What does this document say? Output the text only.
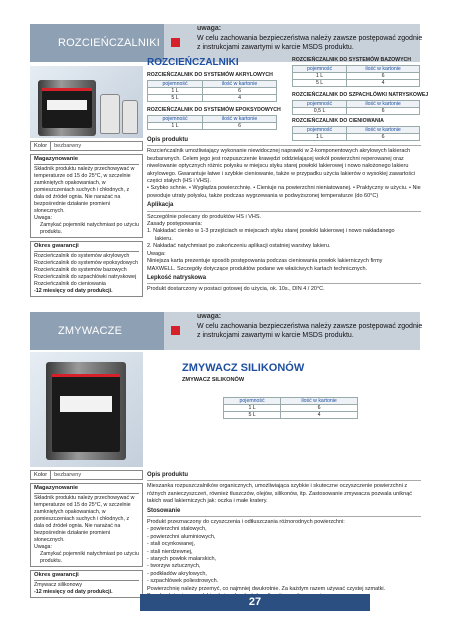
ROZCIEŃCZALNIKI
uwaga:
W celu zachowania bezpieczeństwa należy zawsze postępować zgodnie
z instrukcjami zawartymi w karcie MSDS produktu.
ROZCIEŃCZALNIKI
ROZCIEŃCZALNIK DO SYSTEMÓW AKRYLOWYCH
pojemność	ilość w kartonie
1 L	6
5 L	4
ROZCIEŃCZALNIK DO SYSTEMÓW EPOKSYDOWYCH
pojemność	ilość w kartonie
1 L	6
ROZCIEŃCZALNIK DO SYSTEMÓW BAZOWYCH
pojemność	ilość w kartonie
1 L	6
5 L	4
ROZCIEŃCZALNIK DO SZPACHLÓWKI NATRYSKOWEJ
pojemność	ilość w kartonie
0,5 L	6
ROZCIEŃCZALNIK DO CIENIOWANIA
pojemność	ilość w kartonie
1 L	6
Kolor	bezbarwny
Magazynowanie
Składnik produktu należy przechowywać w temperaturze od 15 do 25°C, w szczelnie zamkniętych opakowaniach, w pomieszczeniach suchych i chłodnych, z dala od źródeł ognia. Nie narażać na bezpośrednie działanie promieni słonecznych.
Uwaga:
Zamykać pojemniki natychmiast po użyciu produktu.
Okres gwarancji
Rozcieńczalnik do systemów akrylowych
Rozcieńczalnik do systemów epoksydowych
Rozcieńczalnik do systemów bazowych
Rozcieńczalnik do szpachlówki natryskowej
Rozcieńczalnik do cieniowania
-12 miesięcy od daty produkcji.
Opis produktu
Rozcieńczalnik umożliwiający wykonanie niewidocznej naprawki w 2-komponentowych akrylowych lakierach bezbarwnych. Celem jego jest rozpuszczenie krawędzi oddzielającej wokół powierzchni reperowanej oraz niwelowanie optycznych różnic połysku w miejscu styku starej powłoki lakierowej i nowo nałożonego lakieru akrylowego. Gwarantuje łatwe i szybkie cieniowanie, także w przypadku użycia lakierów o wysokiej zawartości części stałych (HS i VHS).
• Szybko schnie. • Wygłądza powierzchnię. • Cieniuje na powierzchni nieniatowanej. • Praktyczny w użyciu. • Nie powoduje utraty połysku, także podczas wygrzewania w podwyższonej temperaturze (do 60°C)
Aplikacja
Szczególnie polecany do produktów HS i VHS.
Zasady postępowania:
1. Nakładać cienko w 1-3 przejściach w miejscach styku starej powłoki lakierowej i nowo nakładanego
lakieru.
2. Nakładać natychmiast po zakończeniu aplikacji ostatniej warstwy lakieru.
Uwaga:
Niniejsza karta prezentuje sposób postępowania podczas cieniowania powłok lakierniczych firmy
MAXWELL. Szczegóły dotyczące produktów podane we właściwych kartach technicznych.
Lepkość natryskowa
Produkt dostarczony w postaci gotowej do użycia, ok. 10s., DIN 4 / 20°C.
ZMYWACZE
uwaga:
W celu zachowania bezpieczeństwa należy zawsze postępować zgodnie
z instrukcjami zawartymi w karcie MSDS produktu.
ZMYWACZ SILIKONÓW
ZMYWACZ SILIKONÓW
pojemność	ilość w kartonie
1 L	6
5 L	4
Kolor	bezbarwny
Magazynowanie
Składnik produktu należy przechowywać w temperaturze od 15 do 25°C, w szczelnie zamkniętych opakowaniach, w pomieszczeniach suchych i chłodnych, z dala od źródeł ognia. Nie narażać na bezpośrednie działanie promieni słonecznych.
Uwaga:
Zamykać pojemniki natychmiast po użyciu produktu.
Okres gwarancji
Zmywacz silikonowy
-12 miesięcy od daty produkcji.
Opis produktu
Mieszanka rozpuszczalników organicznych, umożliwiająca szybkie i skuteczne oczyszczenie powierzchni z różnych zanieczyszczeń, również tłuszczów, olejów, silikonów, itp. Zastosowanie zmywacza pozwala uniknąć takich wad lakierniczych jak: oczka i małe kratery.
Stosowanie
Produkt przeznaczony do czyszczenia i odtłuszczania różnorodnych powierzchni:
- powierzchni stalowych,
- powierzchni aluminiowych,
- stali ocynkowanej,
- stali nierdzewnej,
- starych powłok malarskich,
- tworzyw sztucznych,
- podkładów akrylowych,
- szpachlówek poliestrowych.
Powierzchnię należy przemyć, co najmniej dwukrotnie. Za każdym razem używać czystej szmatki.
27
